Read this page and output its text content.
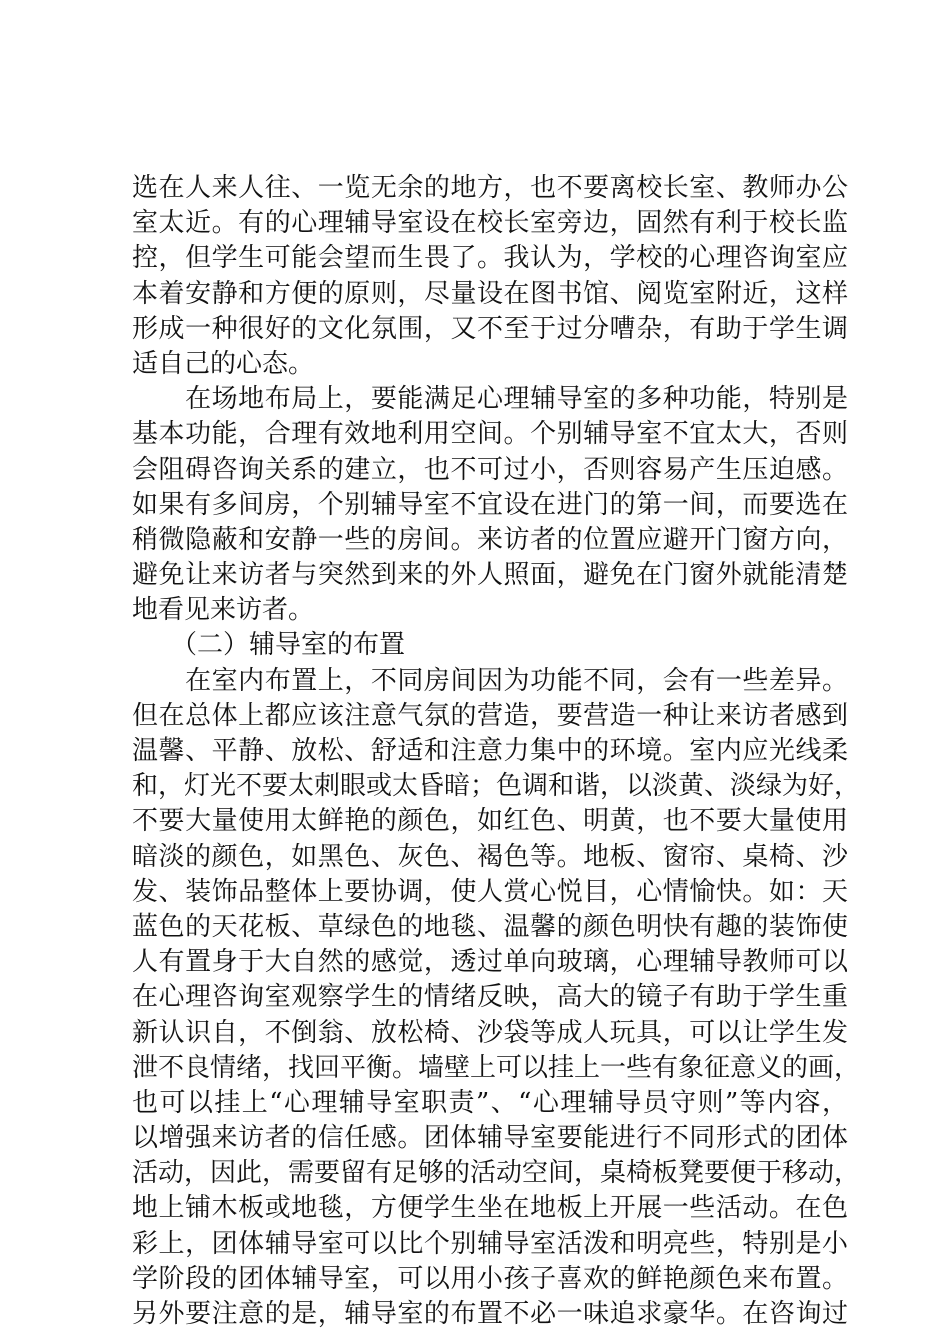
选在人来人往、一览无余的地方，也不要离校长室、教师办公
室太近。有的心理辅导室设在校长室旁边，固然有利于校长监
控，但学生可能会望而生畏了。我认为，学校的心理咨询室应
本着安静和方便的原则，尽量设在图书馆、阅览室附近，这样
形成一种很好的文化氛围，又不至于过分嘈杂，有助于学生调
适自己的心态。
　　在场地布局上，要能满足心理辅导室的多种功能，特别是
基本功能，合理有效地利用空间。个别辅导室不宜太大，否则
会阻碍咨询关系的建立，也不可过小，否则容易产生压迫感。
如果有多间房，个别辅导室不宜设在进门的第一间，而要选在
稍微隐蔽和安静一些的房间。来访者的位置应避开门窗方向，
避免让来访者与突然到来的外人照面，避免在门窗外就能清楚
地看见来访者。
　　（二）辅导室的布置
　　在室内布置上，不同房间因为功能不同，会有一些差异。
但在总体上都应该注意气氛的营造，要营造一种让来访者感到
温馨、平静、放松、舒适和注意力集中的环境。室内应光线柔
和，灯光不要太刺眼或太昏暗；色调和谐，以淡黄、淡绿为好，
不要大量使用太鲜艳的颜色，如红色、明黄，也不要大量使用
暗淡的颜色，如黑色、灰色、褐色等。地板、窗帘、桌椅、沙
发、装饰品整体上要协调，使人赏心悦目，心情愉快。如：天
蓝色的天花板、草绿色的地毯、温馨的颜色明快有趣的装饰使
人有置身于大自然的感觉，透过单向玻璃，心理辅导教师可以
在心理咨询室观察学生的情绪反映，高大的镜子有助于学生重
新认识自，不倒翁、放松椅、沙袋等成人玩具，可以让学生发
泄不良情绪，找回平衡。墙壁上可以挂上一些有象征意义的画，
也可以挂上“心理辅导室职责”、“心理辅导员守则”等内容，
以增强来访者的信任感。团体辅导室要能进行不同形式的团体
活动，因此，需要留有足够的活动空间，桌椅板凳要便于移动，
地上铺木板或地毯，方便学生坐在地板上开展一些活动。在色
彩上，团体辅导室可以比个别辅导室活泼和明亮些，特别是小
学阶段的团体辅导室，可以用小孩子喜欢的鲜艳颜色来布置。
另外要注意的是，辅导室的布置不必一味追求豪华。在咨询过
